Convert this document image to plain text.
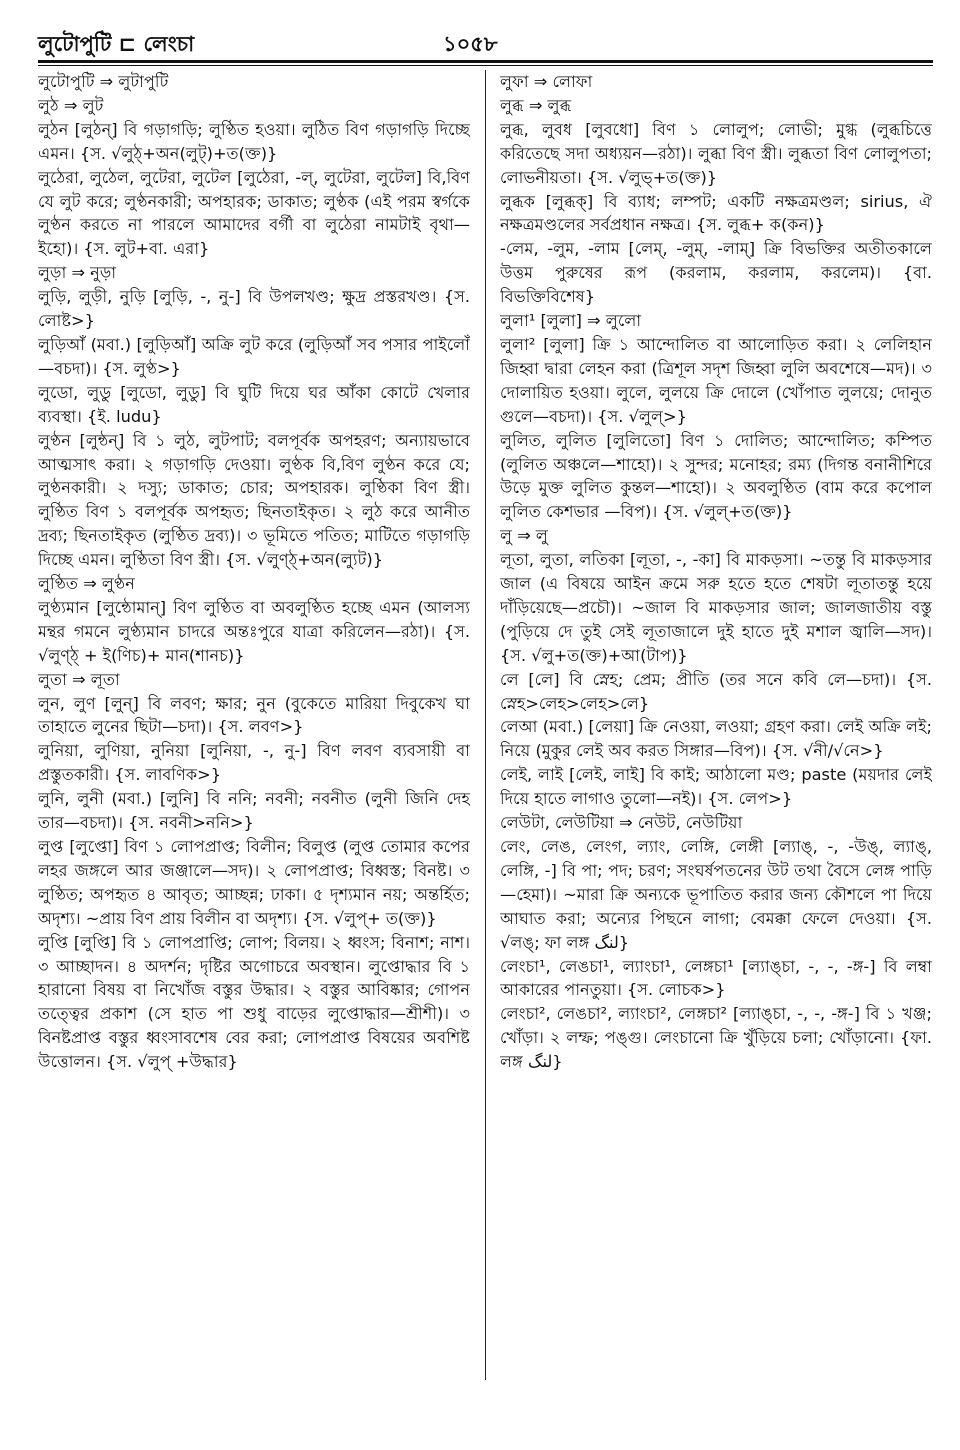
লুটোপুটি ⊏ লেংচা	১০৫৮

লুটোপুটি ⇒ লুটাপুটি

লুঠ ⇒ লুট

লুঠন [লুঠন্] বি গড়াগড়ি; লুণ্ঠিত হওয়া। লুঠিত বিণ গড়াগড়ি দিচ্ছে এমন। {স. √লুঠ্+অন(লুট্)+ত(ক্ত)}

লুঠেরা, লুঠেল, লুটেরা, লুটেল [লুঠেরা, -ল্, লুটেরা, লুটেল] বি,বিণ যে লুট করে; লুণ্ঠনকারী; অপহারক; ডাকাত; লুণ্ঠক (এই পরম স্বর্গকে লুণ্ঠন করতে না পারলে আমাদের বর্গী বা লুঠেরা নামটাই বৃথা—ইহো)। {স. লুট+বা. এরা}

লুড়া ⇒ নুড়া

লুড়ি, লুড়ী, নুড়ি [লুড়ি, -, নু-] বি উপলখণ্ড; ক্ষুদ্র প্রস্তরখণ্ড। {স. লোষ্ট>}

লুড়িআঁ (মবা.) [লুড়িআঁ] অক্রি লুট করে (লুড়িআঁ সব পসার পাইলোঁ—বচদা)। {স. লুণ্ঠ>}

লুডো, লুডু [লুডো, লুডু] বি ঘুটি দিয়ে ঘর আঁকা কোটে খেলার ব্যবস্থা। {ই. ludu}

লুণ্ঠন [লুন্ঠন্] বি ১ লুঠ, লুটপাট; বলপূর্বক অপহরণ; অন্যায়ভাবে আত্মসাৎ করা। ২ গড়াগড়ি দেওয়া। লুণ্ঠক বি,বিণ লুণ্ঠন করে যে; লুণ্ঠনকারী। ২ দস্যু; ডাকাত; চোর; অপহারক। লুণ্ঠিকা বিণ স্ত্রী। লুণ্ঠিত বিণ ১ বলপূর্বক অপহৃত; ছিনতাইকৃত। ২ লুঠ করে আনীত দ্রব্য; ছিনতাইকৃত (লুণ্ঠিত দ্রব্য)। ৩ ভূমিতে পতিত; মাটিতে গড়াগড়ি দিচ্ছে এমন। লুণ্ঠিতা বিণ স্ত্রী। {স. √লুণ্ঠ্+অন(ল্যুট)}

লুণ্ঠিত ⇒ লুণ্ঠন

লুণ্ঠ্যমান [লুন্ঠোমান্] বিণ লুণ্ঠিত বা অবলুণ্ঠিত হচ্ছে এমন (আলস্য মন্থর গমনে লুণ্ঠ্যমান চাদরে অন্তঃপুরে যাত্রা করিলেন—রঠা)। {স. √লুণ্ঠ্ + ই(ণিচ)+ মান(শানচ)}

লুতা ⇒ লূতা

লুন, লুণ [লুন্] বি লবণ; ক্ষার; নুন (বুকেতে মারিয়া দিবুকেখ ঘা তাহাতে লুনের ছিটা—চদা)। {স. লবণ>}

লুনিয়া, লুণিয়া, নুনিয়া [লুনিয়া, -, নু-] বিণ লবণ ব্যবসায়ী বা প্রস্তুতকারী। {স. লাবণিক>}

লুনি, লুনী (মবা.) [লুনি] বি ননি; নবনী; নবনীত (লুনী জিনি দেহ তার—বচদা)। {স. নবনী>ননি>}

লুপ্ত [লুপ্তো] বিণ ১ লোপপ্রাপ্ত; বিলীন; বিলুপ্ত (লুপ্ত তোমার কপের লহর জঙ্গলে আর জঞ্জালে—সদ)। ২ লোপপ্রাপ্ত; বিধ্বস্ত; বিনষ্ট। ৩ লুণ্ঠিত; অপহৃত ৪ আবৃত; আচ্ছন্ন; ঢাকা। ৫ দৃশ্যমান নয়; অন্তর্হিত; অদৃশ্য। ~প্রায় বিণ প্রায় বিলীন বা অদৃশ্য। {স. √লুপ্+ ত(ক্ত)}

লুপ্তি [লুপ্তি] বি ১ লোপপ্রাপ্তি; লোপ; বিলয়। ২ ধ্বংস; বিনাশ; নাশ। ৩ আচ্ছাদন। ৪ অদর্শন; দৃষ্টির অগোচরে অবস্থান। লুপ্তোদ্ধার বি ১ হারানো বিষয় বা নিখোঁজ বস্তুর উদ্ধার। ২ বস্তুর আবিষ্কার; গোপন তত্ত্বের প্রকাশ (সে হাত পা শুধু বাড়ের লুপ্তোদ্ধার—শ্রীশী)। ৩ বিনষ্টপ্রাপ্ত বস্তুর ধ্বংসাবশেষ বের করা; লোপপ্রাপ্ত বিষয়ের অবশিষ্ট উত্তোলন। {স. √লুপ্ +উদ্ধার}

লুফা ⇒ লোফা

লুব্ধ ⇒ লুব্ধ

লুব্ধ, লুবধ [লুবধো] বিণ ১ লোলুপ; লোভী; মুগ্ধ (লুব্ধচিত্তে করিতেছে সদা অধ্যয়ন—রঠা)। লুব্ধা বিণ স্ত্রী। লুব্ধতা বিণ লোলুপতা; লোভনীয়তা। {স. √লুভ্+ত(ক্ত)}

লুব্ধক [লুব্ধক্] বি ব্যাধ; লম্পট; একটি নক্ষত্রমণ্ডল; sirius, ঐ নক্ষত্রমণ্ডলের সর্বপ্রধান নক্ষত্র। {স. লুব্ধ+ ক(কন)}

-লেম, -লুম, -লাম [লেম্, -লুম্, -লাম্] ক্রি বিভক্তির অতীতকালে উত্তম পুরুষের রূপ (করলাম, করলাম, করলেম)। {বা. বিভক্তিবিশেষ}

লুলা¹ [লুলা] ⇒ লুলো

লুলা² [লুলা] ক্রি ১ আন্দোলিত বা আলোড়িত করা। ২ লেলিহান জিহ্বা দ্বারা লেহন করা (ত্রিশূল সদৃশ জিহ্বা লুলি অবশেষে—মদ)। ৩ দোলায়িত হওয়া। লুলে, লুলয়ে ক্রি দোলে (খোঁপাত লুলয়ে; দোনুত গুলে—বচদা)। {স. √লুল্>}

লুলিত, লুলিত [লুলিতো] বিণ ১ দোলিত; আন্দোলিত; কম্পিত (লুলিত অঞ্চলে—শাহো)। ২ সুন্দর; মনোহর; রম্য (দিগন্ত বনানীশিরে উড়ে মুক্ত লুলিত কুন্তল—শাহো)। ২ অবলুণ্ঠিত (বাম করে কপোল লুলিত কেশভার —বিপ)। {স. √লুল্+ত(ক্ত)}

লু ⇒ লু

লূতা, লুতা, লতিকা [লূতা, -, -কা] বি মাকড়সা। ~তন্তু বি মাকড়সার জাল (এ বিষয়ে আইন ক্রমে সরু হতে হতে শেষটা লূতাতন্তু হয়ে দাঁড়িয়েছে—প্রচৌ)। ~জাল বি মাকড়সার জাল; জালজাতীয় বস্তু (পুড়িয়ে দে তুই সেই লূতাজালে দুই হাতে দুই মশাল জ্বালি—সদ)। {স. √লু+ত(ক্ত)+আ(টাপ)}

লে [লে] বি স্নেহ; প্রেম; প্রীতি (তর সনে কবি লে—চদা)। {স. স্নেহ>লেহ>লেহ>লে}

লেআ (মবা.) [লেয়া] ক্রি নেওয়া, লওয়া; গ্রহণ করা। লেই অক্রি লই; নিয়ে (মুকুর লেই অব করত সিঙ্গার—বিপ)। {স. √নী/√নে>}

লেই, লাই [লেই, লাই] বি কাই; আঠালো মণ্ড; paste (ময়দার লেই দিয়ে হাতে লাগাও তুলো—নই)। {স. লেপ>}

লেউটা, লেউটিয়া ⇒ নেউট, নেউটিয়া

লেং, লেঙ, লেংগ, ল্যাং, লেঙ্গি, লেঙ্গী [ল্যাঙ্, -, -উঙ্, ল্যাঙ্, লেঙ্গি, -] বি পা; পদ; চরণ; সংঘর্ষপতনের উট তথা বৈসে লেঙ্গ পাড়ি—হেমা)। ~মারা ক্রি অন্যকে ভূপাতিত করার জন্য কৌশলে পা দিয়ে আঘাত করা; অন্যের পিছনে লাগা; বেমক্কা ফেলে দেওয়া। {স. √লঙ্; ফা লঙ্গ لنگ}

লেংচা¹, লেঙচা¹, ল্যাংচা¹, লেঙ্গচা¹ [ল্যাঙ্চা, -, -, -ঙ্গ-] বি লম্বা আকারের পানতুয়া। {স. লোচক>}

লেংচা², লেঙচা², ল্যাংচা², লেঙ্গচা² [ল্যাঙ্চা, -, -, -ঙ্গ-] বি ১ খঞ্জ; খোঁড়া। ২ লম্ফ; পঙ্গু। লেংচানো ক্রি খুঁড়িয়ে চলা; খোঁড়ানো। {ফা. লঙ্গ لنگ}
